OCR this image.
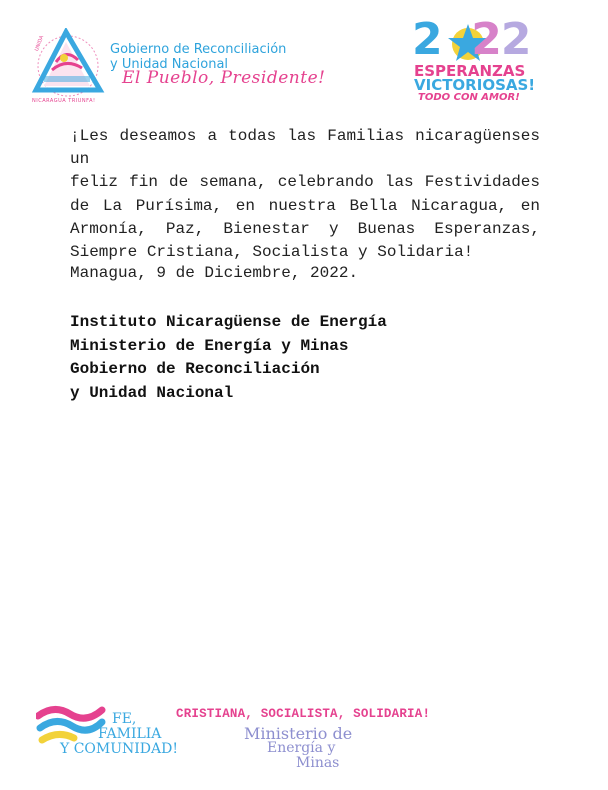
Gobierno de Reconciliación
y Unidad Nacional
El Pueblo, Presidente!
NICARAGUA TRIUNFA!
UNIDA	2 22
ESPERANZAS
VICTORIOSAS!
TODO CON AMOR!
¡Les deseamos a todas las Familias nicaragüenses un
feliz fin de semana, celebrando las Festividades
de La Purísima, en nuestra Bella Nicaragua, en
Armonía, Paz, Bienestar y Buenas Esperanzas,
Siempre Cristiana, Socialista y Solidaria!
Managua, 9 de Diciembre, 2022.
Instituto Nicaragüense de Energía
Ministerio de Energía y Minas
Gobierno de Reconciliación
y Unidad Nacional
FE,
FAMILIA
Y COMUNIDAD!
CRISTIANA, SOCIALISTA, SOLIDARIA!
Ministerio de
Energía y
Minas
